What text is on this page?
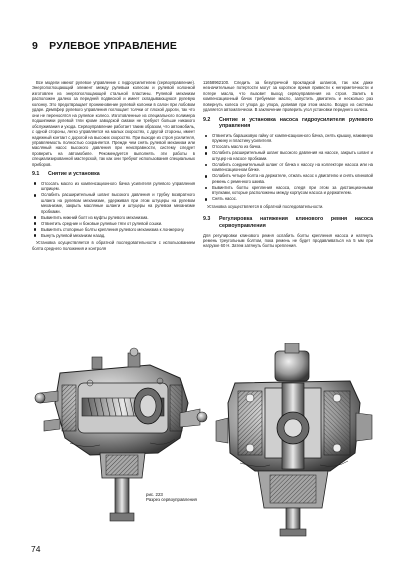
9 РУЛЕВОЕ УПРАВЛЕНИЕ

Все модели имеют рулевое управление с гидроусилителем (сервоуправление). Энергопоглощающий элемент между рулевым колесом и рулевой колонкой изготовлен из энергопоглощающей стальной пластины. Рулевой механизм расположен далеко за передней подвеской и имеет складывающуюся рулевую колонку. Это предотвращает проникновение рулевой колонки в салон при лобовом ударе. Демпфер рулевого управления поглощает толчки от плохой дороги, так что они не переносятся на рулевое колесо. Изготовленные из специального полимера подшипники рулевой тяги кроме заводской смазки не требуют больше никакого обслуживания и ухода. Сервоуправление работает таким образом, что автомобиль, с одной стороны, легко управляется на малых скоростях, с другой стороны, имеет надежный контакт с дорогой на высоких скоростях. При выходе из строя усилителя, управляемость полностью сохраняется. Прежде чем снять рулевой механизм или масляный насос высокого давления при неисправности, систему следует проверить на автомобиле. Рекомендуется выполнять эти работы в специализированной мастерской, так как они требуют использования специальных приборов.

9.1	Снятие и установка
Отсосать масло из компенсационного бачка усилителя рулевого управления шприцем.
Ослабить расширительный шланг высокого давления и трубку возвратного шланга на рулевом механизме, удерживая при этом штуцеры на рулевом механизме, закрыть масляные шланги и штуцеры на рулевом механизме пробками.
Вывинтить нижний болт из муфты рулевого механизма.
Отвинтить средние и боковые рулевые тяги от рулевой сошки.
Вывинтить стопорные болты крепления рулевого механизма к лонжерону.
Вынуть рулевой механизм назад.

Установка осуществляется в обратной последовательности с использованием болта среднего положения и контроля

11658962100. Следить за безупречной прокладкой шлангов, так как даже незначительные потертости могут за короткое время привести к негерметичности и потере масла, что вызовет выход сервоуправления из строя. Залить в компенсационный бачок требуемое масло, запустить двигатель и несколько раз повернуть колеса от упора до упора, доливая при этом масло. Воздух из системы удаляется автоматически. В заключение проверить угол установки переднего колеса.

9.2	Снятие и установка насоса гидроусилителя рулевого управления
Отвинтить барашковую гайку от компенсационного бачка, снять крышку, нажимную пружину и пластину усилителя.
Отсосать масло из бачка.
Ослабить расширительный шланг высокого давления на насосе, закрыть шланг и штуцер на насосе пробками.
Ослабить соединительный шланг от бачка к насосу на коллекторе насоса или на компенсационном бачке.
Ослабить четыре болта на держателе, отжать насос к двигателю и снять клиновой ремень с ременного шкива.
Вывинтить болты крепления насоса, следя при этом за дистанционными втулками, которые расположены между корпусом насоса и держателем.
Снять насос.

Установка осуществляется в обратной последовательности.

9.3	Регулировка натяжения клинового ремня насоса сервоуправления

Для регулировки клинового ремня ослабить болты крепления насоса и натянуть ремень треугольным болтом, пока ремень не будет продавливаться на 5 мм при нагрузке 60 Н. Затем затянуть болты крепления.

рис. 223
Разрез сервоуправления
74
